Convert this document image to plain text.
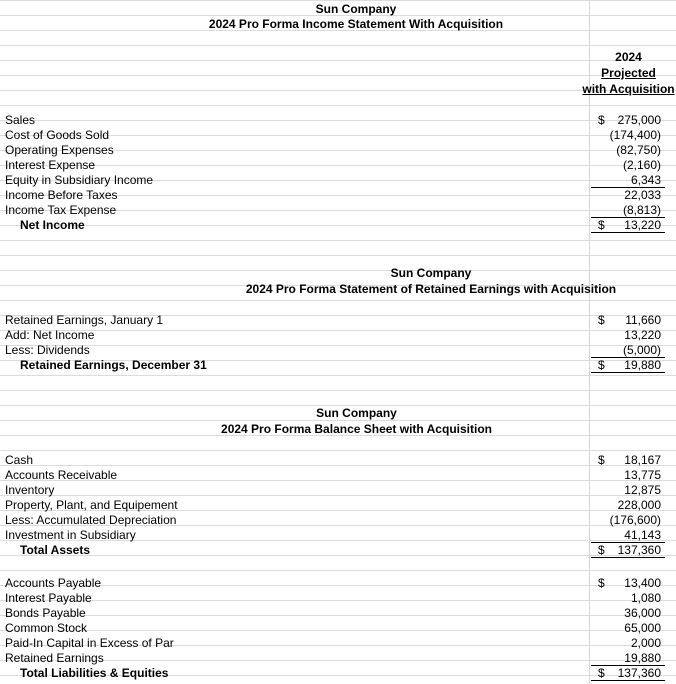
Sun Company
2024 Pro Forma Income Statement With Acquisition
2024
Projected
with Acquisition
Sales	$ 275,000
Cost of Goods Sold	(174,400)
Operating Expenses	(82,750)
Interest Expense	(2,160)
Equity in Subsidiary Income	6,343
Income Before Taxes	22,033
Income Tax Expense	(8,813)
Net Income	$ 13,220
Sun Company
2024 Pro Forma Statement of Retained Earnings with Acquisition
Retained Earnings, January 1	$ 11,660
Add: Net Income	13,220
Less: Dividends	(5,000)
Retained Earnings, December 31	$ 19,880
Sun Company
2024 Pro Forma Balance Sheet with Acquisition
Cash	$ 18,167
Accounts Receivable	13,775
Inventory	12,875
Property, Plant, and Equipement	228,000
Less: Accumulated Depreciation	(176,600)
Investment in Subsidiary	41,143
Total Assets	$ 137,360
Accounts Payable	$ 13,400
Interest Payable	1,080
Bonds Payable	36,000
Common Stock	65,000
Paid-In Capital in Excess of Par	2,000
Retained Earnings	19,880
Total Liabilities & Equities	$ 137,360
